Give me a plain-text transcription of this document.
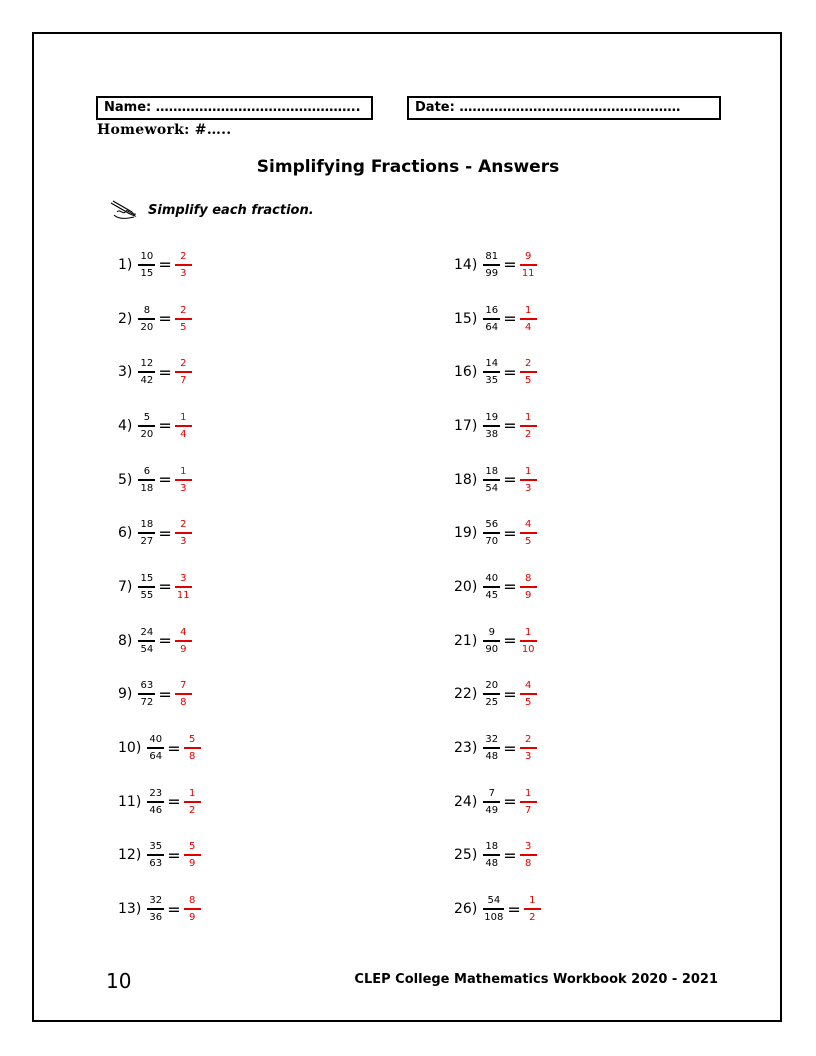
Name: ………………………………………..	Date: ……………………………………………
Homework: #…..
Simplifying Fractions - Answers
Simplify each fraction.
$1) \frac{10}{15} = \frac{2}{3}$
$2) \frac{8}{20} = \frac{2}{5}$
$3) \frac{12}{42} = \frac{2}{7}$
$4) \frac{5}{20} = \frac{1}{4}$
$5) \frac{6}{18} = \frac{1}{3}$
$6) \frac{18}{27} = \frac{2}{3}$
$7) \frac{15}{55} = \frac{3}{11}$
$8) \frac{24}{54} = \frac{4}{9}$
$9) \frac{63}{72} = \frac{7}{8}$
$10) \frac{40}{64} = \frac{5}{8}$
$11) \frac{23}{46} = \frac{1}{2}$
$12) \frac{35}{63} = \frac{5}{9}$
$13) \frac{32}{36} = \frac{8}{9}$
$14) \frac{81}{99} = \frac{9}{11}$
$15) \frac{16}{64} = \frac{1}{4}$
$16) \frac{14}{35} = \frac{2}{5}$
$17) \frac{19}{38} = \frac{1}{2}$
$18) \frac{18}{54} = \frac{1}{3}$
$19) \frac{56}{70} = \frac{4}{5}$
$20) \frac{40}{45} = \frac{8}{9}$
$21) \frac{9}{90} = \frac{1}{10}$
$22) \frac{20}{25} = \frac{4}{5}$
$23) \frac{32}{48} = \frac{2}{3}$
$24) \frac{7}{49} = \frac{1}{7}$
$25) \frac{18}{48} = \frac{3}{8}$
$26) \frac{54}{108} = \frac{1}{2}$
10	CLEP College Mathematics Workbook 2020 - 2021
